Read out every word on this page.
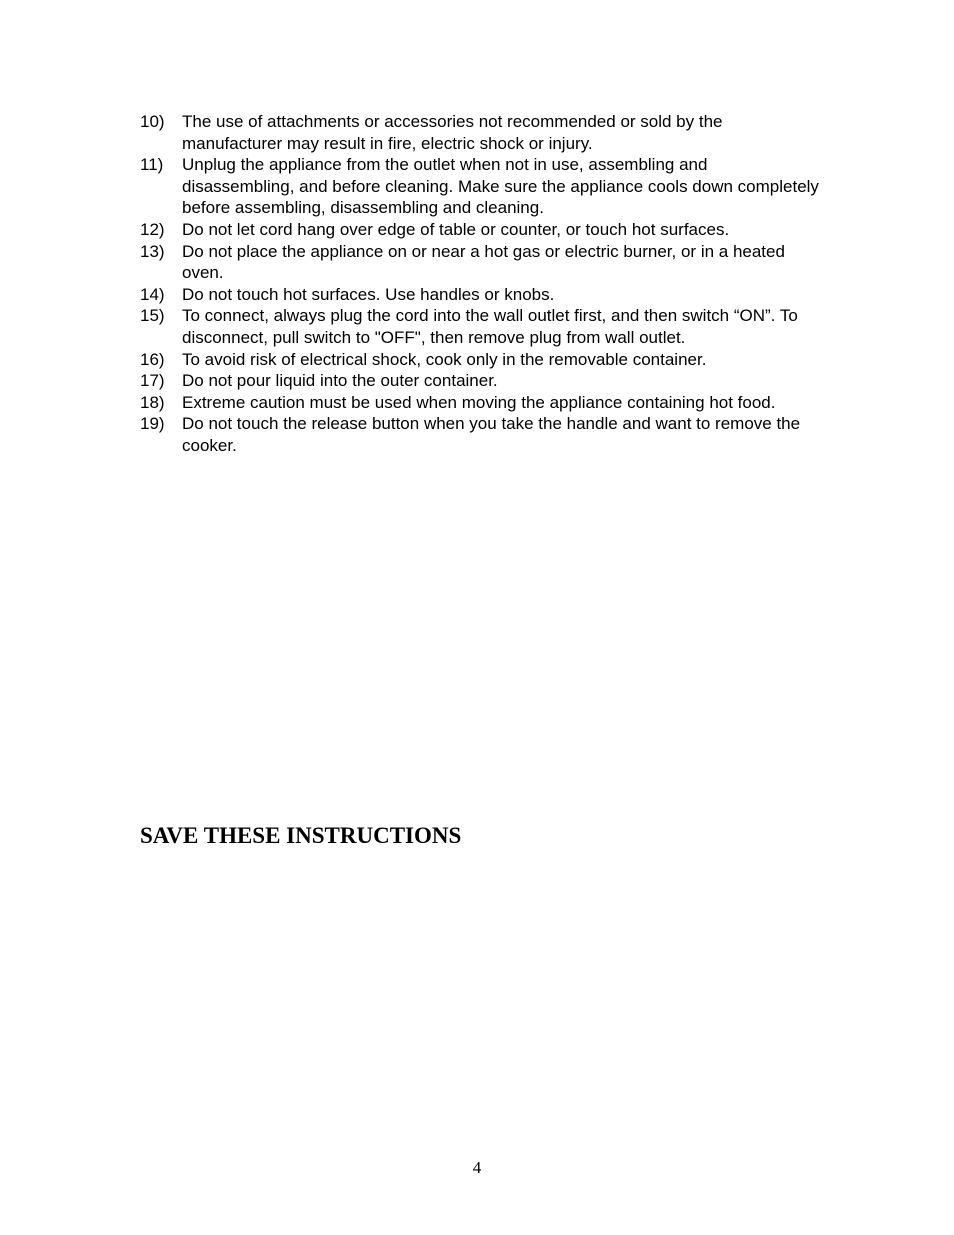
10)	The use of attachments or accessories not recommended or sold by the manufacturer may result in fire, electric shock or injury.
11)	Unplug the appliance from the outlet when not in use, assembling and disassembling, and before cleaning. Make sure the appliance cools down completely before assembling, disassembling and cleaning.
12)	Do not let cord hang over edge of table or counter, or touch hot surfaces.
13)	Do not place the appliance on or near a hot gas or electric burner, or in a heated oven.
14)	Do not touch hot surfaces. Use handles or knobs.
15)	To connect, always plug the cord into the wall outlet first, and then switch “ON”. To disconnect, pull switch to "OFF", then remove plug from wall outlet.
16)	To avoid risk of electrical shock, cook only in the removable container.
17)	Do not pour liquid into the outer container.
18)	Extreme caution must be used when moving the appliance containing hot food.
19)	Do not touch the release button when you take the handle and want to remove the cooker.
SAVE THESE INSTRUCTIONS
4
